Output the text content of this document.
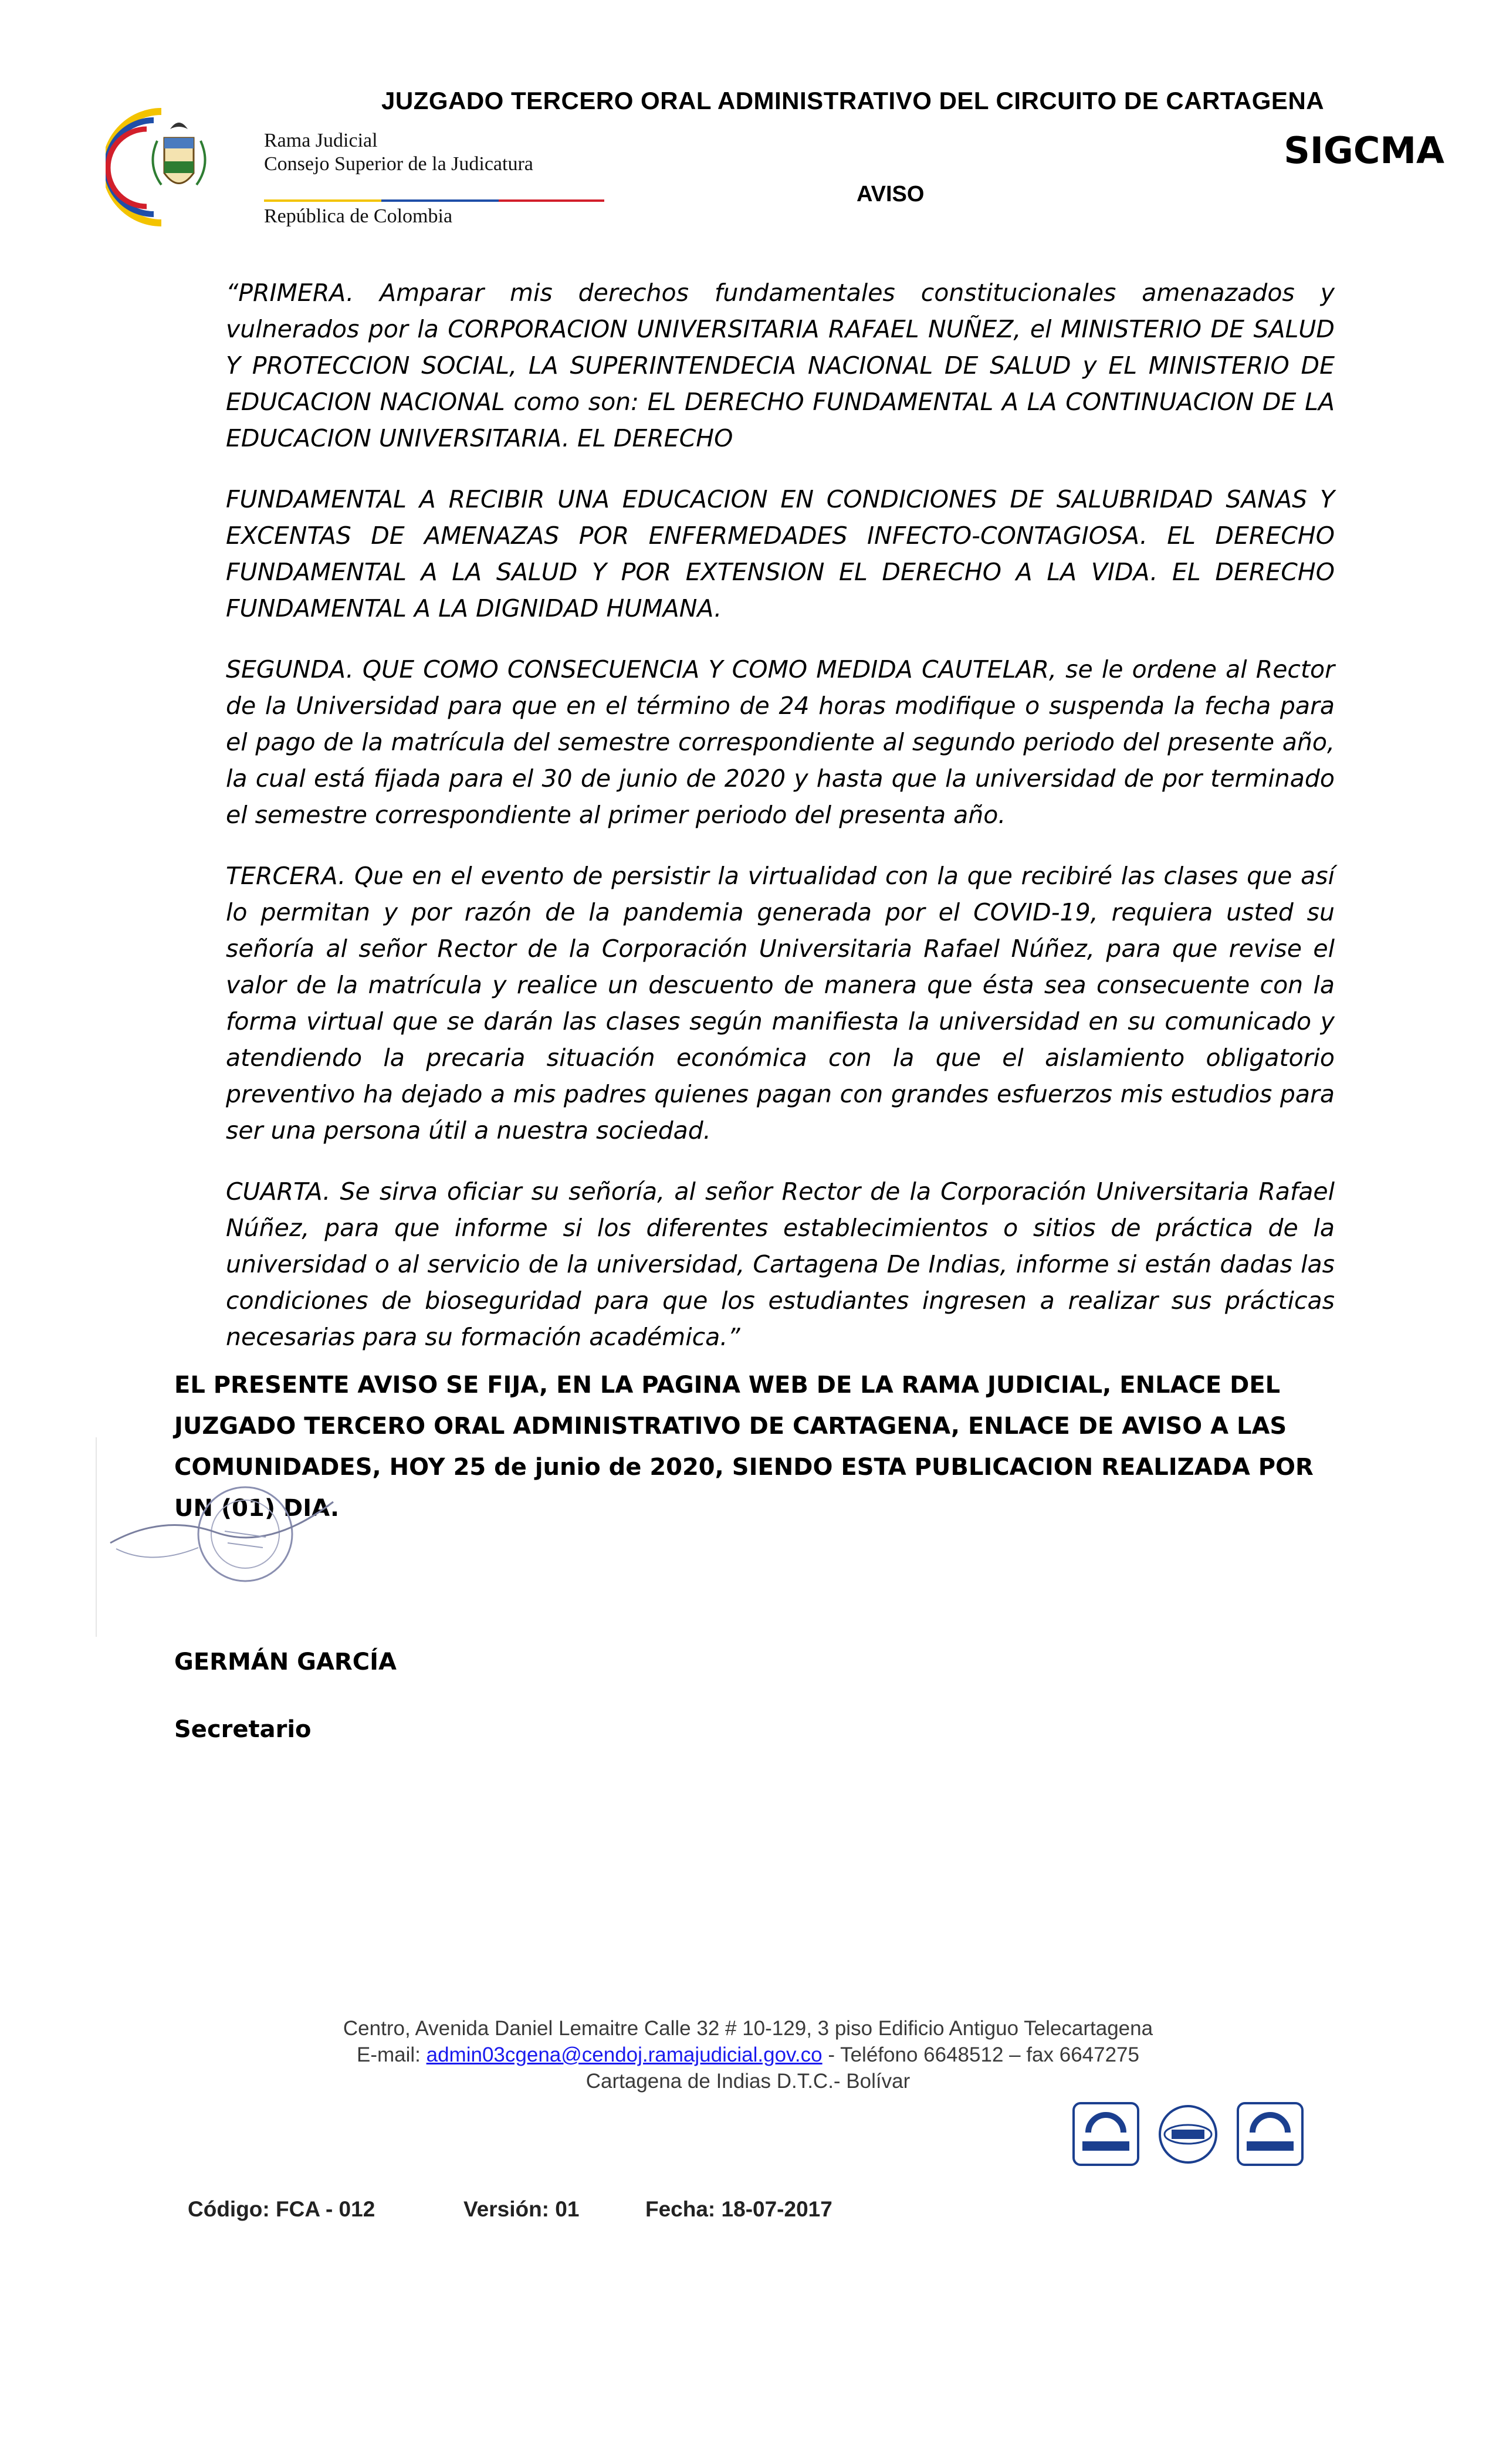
Rama Judicial
Consejo Superior de la Judicatura
República de Colombia
JUZGADO TERCERO ORAL ADMINISTRATIVO DEL CIRCUITO DE CARTAGENA
SIGCMA
AVISO

“PRIMERA. Amparar mis derechos fundamentales constitucionales amenazados y vulnerados por la CORPORACION UNIVERSITARIA RAFAEL NUÑEZ, el MINISTERIO DE SALUD Y PROTECCION SOCIAL, LA SUPERINTENDECIA NACIONAL DE SALUD y EL MINISTERIO DE EDUCACION NACIONAL como son: EL DERECHO FUNDAMENTAL A LA CONTINUACION DE LA EDUCACION UNIVERSITARIA. EL DERECHO

FUNDAMENTAL A RECIBIR UNA EDUCACION EN CONDICIONES DE SALUBRIDAD SANAS Y EXCENTAS DE AMENAZAS POR ENFERMEDADES INFECTO-CONTAGIOSA. EL DERECHO FUNDAMENTAL A LA SALUD Y POR EXTENSION EL DERECHO A LA VIDA. EL DERECHO FUNDAMENTAL A LA DIGNIDAD HUMANA.

SEGUNDA. QUE COMO CONSECUENCIA Y COMO MEDIDA CAUTELAR, se le ordene al Rector de la Universidad para que en el término de 24 horas modifique o suspenda la fecha para el pago de la matrícula del semestre correspondiente al segundo periodo del presente año, la cual está fijada para el 30 de junio de 2020 y hasta que la universidad de por terminado el semestre correspondiente al primer periodo del presenta año.

TERCERA. Que en el evento de persistir la virtualidad con la que recibiré las clases que así lo permitan y por razón de la pandemia generada por el COVID-19, requiera usted su señoría al señor Rector de la Corporación Universitaria Rafael Núñez, para que revise el valor de la matrícula y realice un descuento de manera que ésta sea consecuente con la forma virtual que se darán las clases según manifiesta la universidad en su comunicado y atendiendo la precaria situación económica con la que el aislamiento obligatorio preventivo ha dejado a mis padres quienes pagan con grandes esfuerzos mis estudios para ser una persona útil a nuestra sociedad.

CUARTA. Se sirva oficiar su señoría, al señor Rector de la Corporación Universitaria Rafael Núñez, para que informe si los diferentes establecimientos o sitios de práctica de la universidad o al servicio de la universidad, Cartagena De Indias, informe si están dadas las condiciones de bioseguridad para que los estudiantes ingresen a realizar sus prácticas necesarias para su formación académica.”

EL PRESENTE AVISO SE FIJA, EN LA PAGINA WEB DE LA RAMA JUDICIAL, ENLACE DEL JUZGADO TERCERO ORAL ADMINISTRATIVO DE CARTAGENA, ENLACE DE AVISO A LAS COMUNIDADES, HOY 25 de junio de 2020, SIENDO ESTA PUBLICACION REALIZADA POR UN (01) DIA.
GERMÁN GARCÍA
Secretario
Centro, Avenida Daniel Lemaitre Calle 32 # 10-129, 3 piso Edificio Antiguo Telecartagena
E-mail: admin03cgena@cendoj.ramajudicial.gov.co - Teléfono 6648512 – fax 6647275
Cartagena de Indias D.T.C.- Bolívar
Código: FCA - 012	Versión: 01	Fecha: 18-07-2017
